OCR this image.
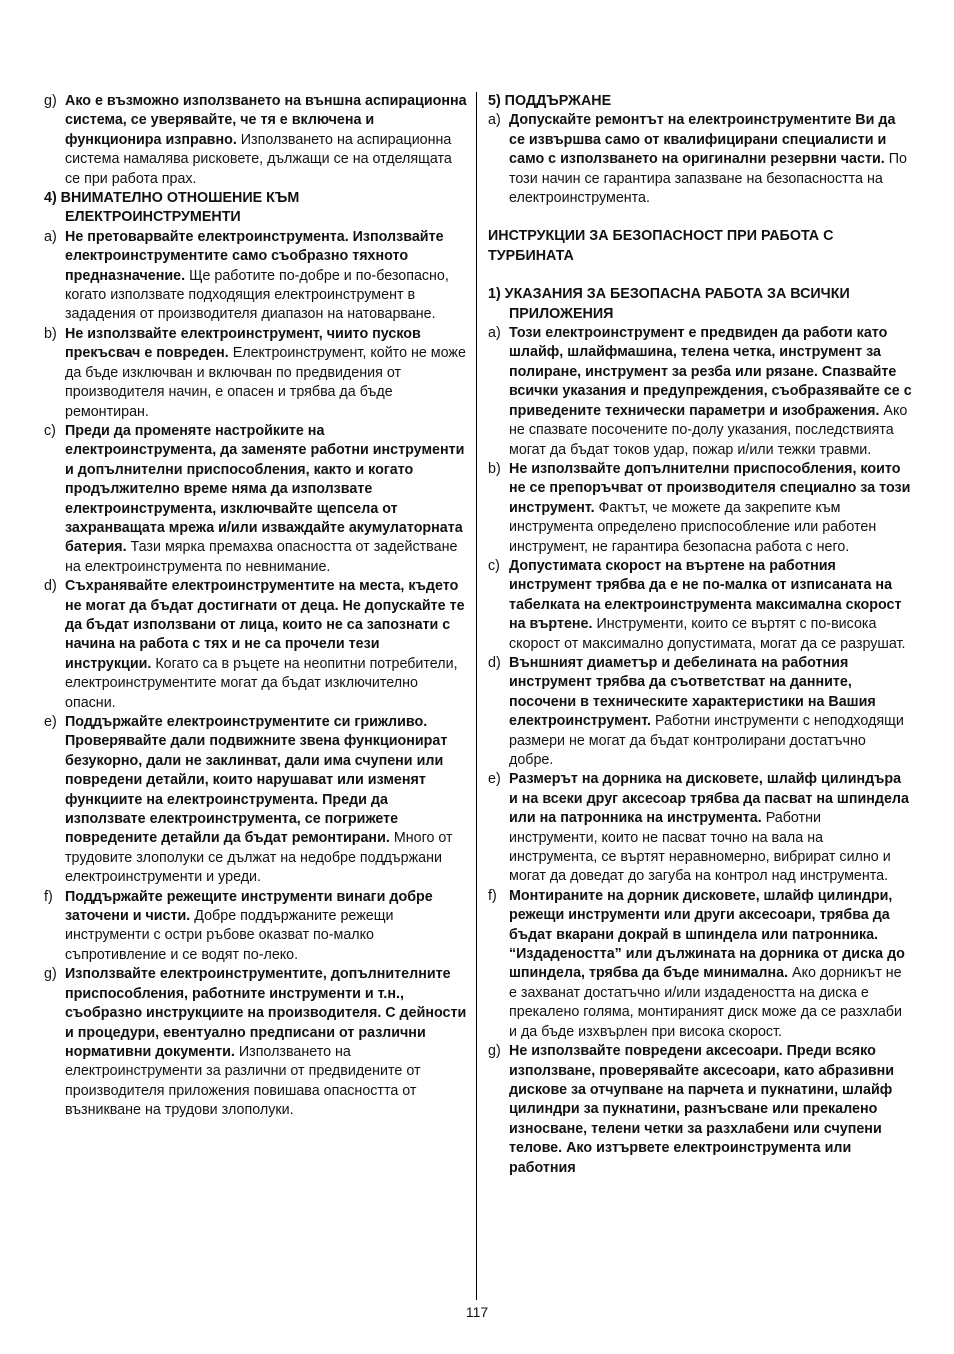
g) Ако е възможно използването на външна аспирационна система, се уверявайте, че тя е включена и функционира изправно. Използването на аспирационна система намалява рисковете, дължащи се на отделящата се при работа прах.
4) ВНИМАТЕЛНО ОТНОШЕНИЕ КЪМ ЕЛЕКТРОИНСТРУМЕНТИ
a) Не претоварвайте електроинструмента. Използвайте електроинструментите само съобразно тяхното предназначение. Ще работите по-добре и по-безопасно, когато използвате подходящия електроинструмент в зададения от производителя диапазон на натоварване.
b) Не използвайте електроинструмент, чиито пусков прекъсвач е повреден. Електроинструмент, който не може да бъде изключван и включван по предвидения от производителя начин, е опасен и трябва да бъде ремонтиран.
c) Преди да променяте настройките на електроинструмента, да заменяте работни инструменти и допълнителни приспособления, както и когато продължително време няма да използвате електроинструмента, изключвайте щепсела от захранващата мрежа и/или изваждайте акумулаторната батерия. Тази мярка премахва опасността от задействане на електроинструмента по невнимание.
d) Съхранявайте електроинструментите на места, където не могат да бъдат достигнати от деца. Не допускайте те да бъдат използвани от лица, които не са запознати с начина на работа с тях и не са прочели тези инструкции. Когато са в ръцете на неопитни потребители, електроинструментите могат да бъдат изключително опасни.
e) Поддържайте електроинструментите си грижливо. Проверявайте дали подвижните звена функционират безукорно, дали не заклинват, дали има счупени или повредени детайли, които нарушават или изменят функциите на електроинструмента. Преди да използвате електроинструмента, се погрижете повредените детайли да бъдат ремонтирани. Много от трудовите злополуки се дължат на недобре поддържани електроинструменти и уреди.
f) Поддържайте режещите инструменти винаги добре заточени и чисти. Добре поддържаните режещи инструменти с остри ръбове оказват по-малко съпротивление и се водят по-леко.
g) Използвайте електроинструментите, допълнителните приспособления, работните инструменти и т.н., съобразно инструкциите на производителя. С дейности и процедури, евентуално предписани от различни нормативни документи. Използването на електроинструменти за различни от предвидените от производителя приложения повишава опасността от възникване на трудови злополуки.
5) ПОДДЪРЖАНЕ
a) Допускайте ремонтът на електроинструментите Ви да се извършва само от квалифицирани специалисти и само с използването на оригинални резервни части. По този начин се гарантира запазване на безопасността на електроинструмента.
ИНСТРУКЦИИ ЗА БЕЗОПАСНОСТ ПРИ РАБОТА С ТУРБИНАТА
1) УКАЗАНИЯ ЗА БЕЗОПАСНА РАБОТА ЗА ВСИЧКИ ПРИЛОЖЕНИЯ
a) Този електроинструмент е предвиден да работи като шлайф, шлайфмашина, телена четка, инструмент за полиране, инструмент за резба или рязане. Спазвайте всички указания и предупреждения, съобразявайте се с приведените технически параметри и изображения. Ако не спазвате посочените по-долу указания, последствията могат да бъдат токов удар, пожар и/или тежки травми.
b) Не използвайте допълнителни приспособления, които не се препоръчват от производителя специално за този инструмент. Фактът, че можете да закрепите към инструмента определено приспособление или работен инструмент, не гарантира безопасна работа с него.
c) Допустимата скорост на въртене на работния инструмент трябва да е не по-малка от изписаната на табелката на електроинструмента максимална скорост на въртене. Инструменти, които се въртят с по-висока скорост от максимално допустимата, могат да се разрушат.
d) Външният диаметър и дебелината на работния инструмент трябва да съответстват на данните, посочени в техническите характеристики на Вашия електроинструмент. Работни инструменти с неподходящи размери не могат да бъдат контролирани достатъчно добре.
e) Размерът на дорника на дисковете, шлайф цилиндъра и на всеки друг аксесоар трябва да пасват на шпиндела или на патронника на инструмента. Работни инструменти, които не пасват точно на вала на инструмента, се въртят неравномерно, вибрират силно и могат да доведат до загуба на контрол над инструмента.
f) Монтираните на дорник дисковете, шлайф цилиндри, режещи инструменти или други аксесоари, трябва да бъдат вкарани докрай в шпиндела или патронника. “Издадеността” или дължината на дорника от диска до шпиндела, трябва да бъде минимална. Ако дорникът не е захванат достатъчно и/или издадеността на диска е прекалено голяма, монтираният диск може да се разхлаби и да бъде изхвърлен при висока скорост.
g) Не използвайте повредени аксесоари. Преди всяко използване, проверявайте аксесоари, като абразивни дискове за отчупване на парчета и пукнатини, шлайф цилиндри за пукнатини, разнъсване или прекалено износване, телени четки за разхлабени или счупени телове. Ако изтървете електроинструмента или работния
117
